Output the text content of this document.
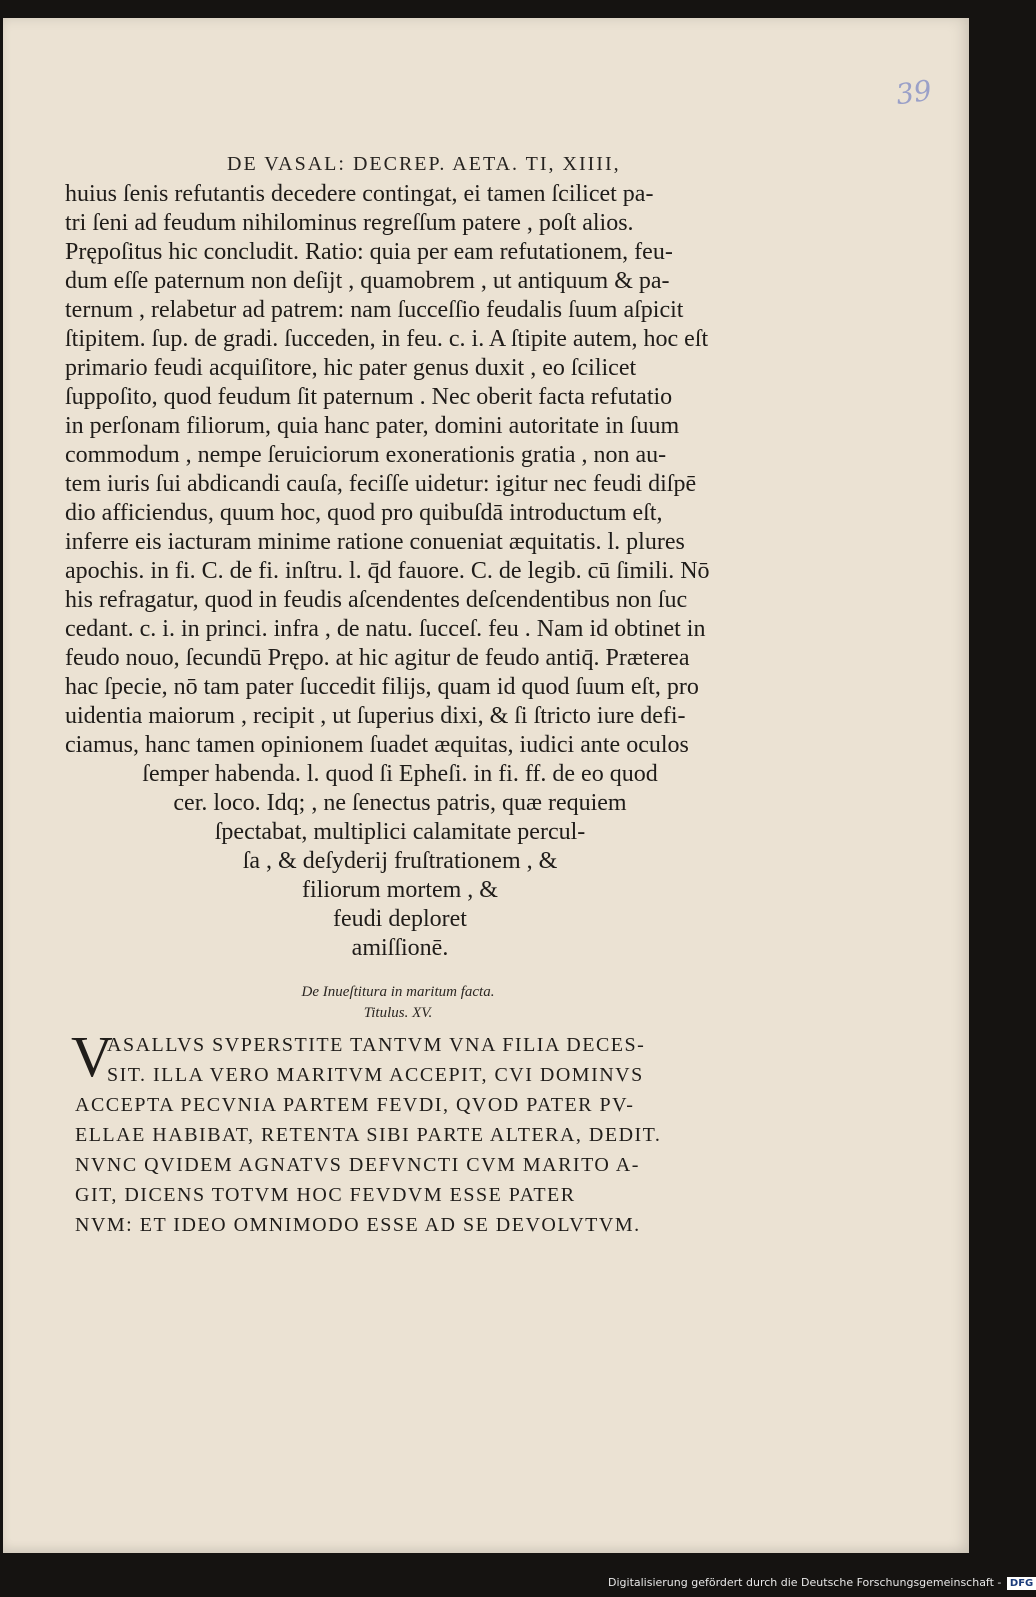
39
DE VASAL: DECREP. AETA. TI, XIIII,
huius ſenis refutantis decedere contingat, ei tamen ſcilicet pa-
tri ſeni ad feudum nihilominus regreſſum patere , poſt alios.
Prępoſitus hic concludit. Ratio: quia per eam refutationem, feu-
dum eſſe paternum non deſijt , quamobrem , ut antiquum & pa-
ternum , relabetur ad patrem: nam ſucceſſio feudalis ſuum aſpicit
ſtipitem. ſup. de gradi. ſucceden, in feu. c. i. A ſtipite autem, hoc eſt
primario feudi acquiſitore, hic pater genus duxit , eo ſcilicet
ſuppoſito, quod feudum ſit paternum . Nec oberit facta refutatio
in perſonam filiorum, quia hanc pater, domini autoritate in ſuum
commodum , nempe ſeruiciorum exonerationis gratia , non au-
tem iuris ſui abdicandi cauſa, feciſſe uidetur: igitur nec feudi diſpē
dio afficiendus, quum hoc, quod pro quibuſdā introductum eſt,
inferre eis iacturam minime ratione conueniat æquitatis. l. plures
apochis. in fi. C. de fi. inſtru. l. q̄d fauore. C. de legib. cū ſimili. Nō
his refragatur, quod in feudis aſcendentes deſcendentibus non ſuc
cedant. c. i. in princi. infra , de natu. ſucceſ. feu . Nam id obtinet in
feudo nouo, ſecundū Prępo. at hic agitur de feudo antiq̄. Præterea
hac ſpecie, nō tam pater ſuccedit filijs, quam id quod ſuum eſt, pro
uidentia maiorum , recipit , ut ſuperius dixi, & ſi ſtricto iure defi-
ciamus, hanc tamen opinionem ſuadet æquitas, iudici ante oculos
ſemper habenda. l. quod ſi Epheſi. in fi. ff. de eo quod
cer. loco. Idq; , ne ſenectus patris, quæ requiem
ſpectabat, multiplici calamitate percul-
ſa , & deſyderij fruſtrationem , &
filiorum mortem , &
feudi deploret
amiſſionē.
De Inueſtitura in maritum facta.
Titulus. XV.
V
ASALLVS SVPERSTITE TANTVM VNA FILIA DECES-
SIT. ILLA VERO MARITVM ACCEPIT, CVI DOMINVS
ACCEPTA PECVNIA PARTEM FEVDI, QVOD PATER PV-
ELLAE HABIBAT, RETENTA SIBI PARTE ALTERA, DEDIT.
NVNC QVIDEM AGNATVS DEFVNCTI CVM MARITO A-
GIT, DICENS TOTVM HOC FEVDVM ESSE PATER
NVM: ET IDEO OMNIMODO ESSE AD SE DEVOLVTVM.
Digitalisierung gefördert durch die Deutsche Forschungsgemeinschaft - DFG
